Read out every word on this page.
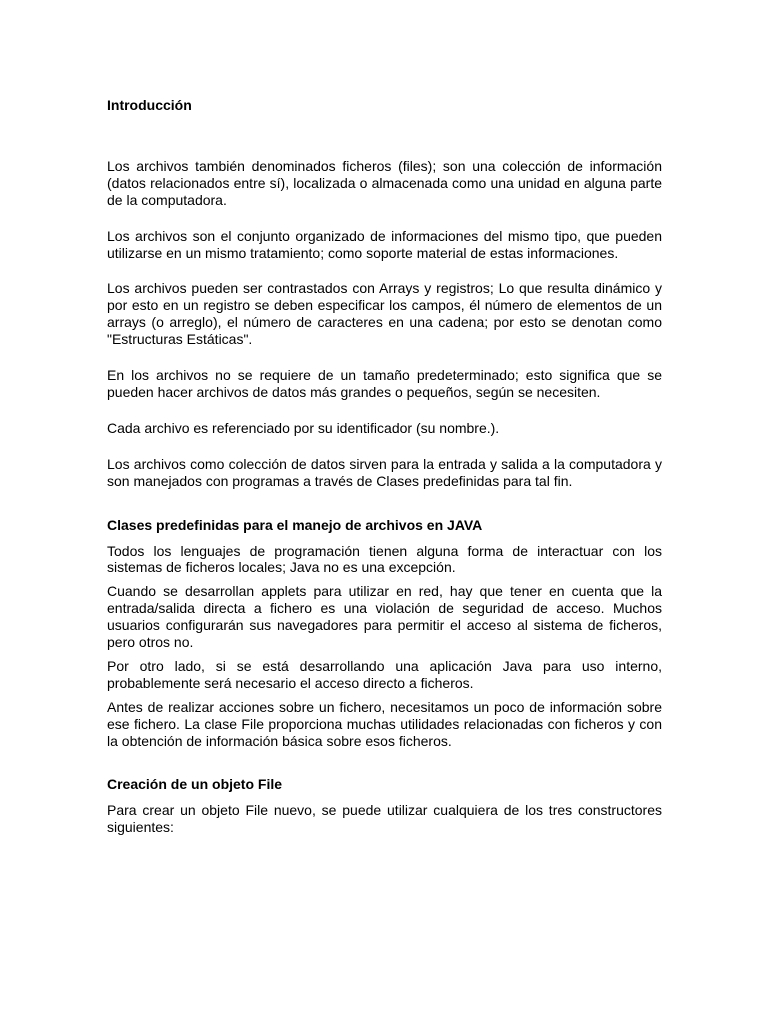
Introducción

Los archivos también denominados ficheros (files); son una colección de información (datos relacionados entre sí), localizada o almacenada como una unidad en alguna parte de la computadora.

Los archivos son el conjunto organizado de informaciones del mismo tipo, que pueden utilizarse en un mismo tratamiento; como soporte material de estas informaciones.

Los archivos pueden ser contrastados con Arrays y registros; Lo que resulta dinámico y por esto en un registro se deben especificar los campos, él número de elementos de un arrays (o arreglo), el número de caracteres en una cadena; por esto se denotan como "Estructuras Estáticas".

En los archivos no se requiere de un tamaño predeterminado; esto significa que se pueden hacer archivos de datos más grandes o pequeños, según se necesiten.

Cada archivo es referenciado por su identificador (su nombre.).

Los archivos como colección de datos sirven para la entrada y salida a la computadora y son manejados con programas a través de Clases predefinidas para tal fin.

Clases predefinidas para el manejo de archivos en JAVA

Todos los lenguajes de programación tienen alguna forma de interactuar con los sistemas de ficheros locales; Java no es una excepción.

Cuando se desarrollan applets para utilizar en red, hay que tener en cuenta que la entrada/salida directa a fichero es una violación de seguridad de acceso. Muchos usuarios configurarán sus navegadores para permitir el acceso al sistema de ficheros, pero otros no.

Por otro lado, si se está desarrollando una aplicación Java para uso interno, probablemente será necesario el acceso directo a ficheros.

Antes de realizar acciones sobre un fichero, necesitamos un poco de información sobre ese fichero. La clase File proporciona muchas utilidades relacionadas con ficheros y con la obtención de información básica sobre esos ficheros.

Creación de un objeto File

Para crear un objeto File nuevo, se puede utilizar cualquiera de los tres constructores siguientes:
